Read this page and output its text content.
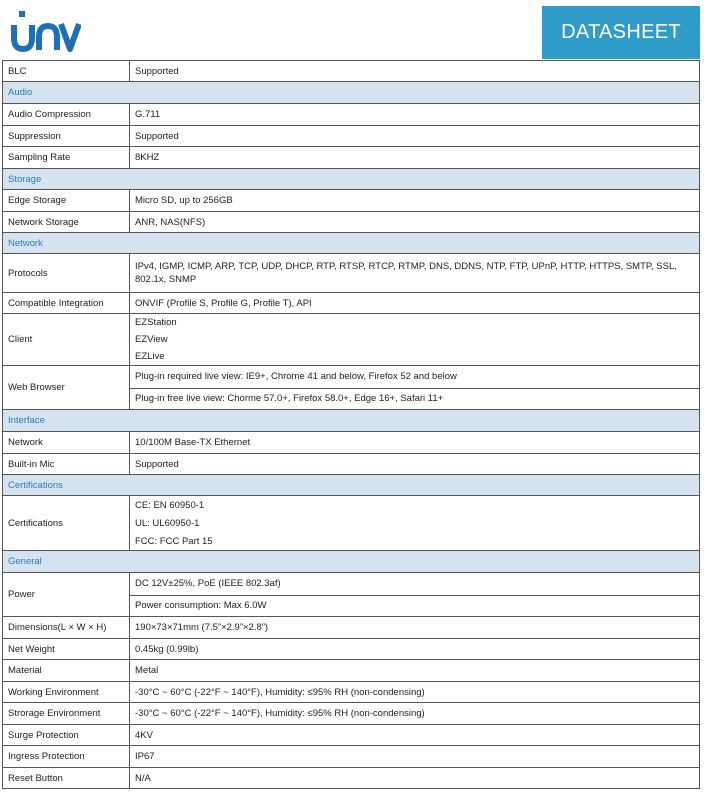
DATASHEET
BLC	Supported
Audio	
Audio Compression	G.711
Suppression	Supported
Sampling Rate	8KHZ
Storage	
Edge Storage	Micro SD, up to 256GB
Network Storage	ANR, NAS(NFS)
Network	
Protocols	IPv4, IGMP, ICMP, ARP, TCP, UDP, DHCP, RTP, RTSP, RTCP, RTMP, DNS, DDNS, NTP, FTP, UPnP, HTTP, HTTPS, SMTP, SSL, 802.1x, SNMP
Compatible Integration	ONVIF (Profile S, Profile G, Profile T), API
Client	EZStation
EZView
EZLive

Web Browser	Plug-in required live view: IE9+, Chrome 41 and below, Firefox 52 and below
Plug-in free live view: Chorme 57.0+, Firefox 58.0+, Edge 16+, Safari 11+

Interface	
Network	10/100M Base-TX Ethernet
Built-in Mic	Supported
Certifications	
Certifications	CE: EN 60950-1
UL: UL60950-1
FCC: FCC Part 15

General	
Power	DC 12V±25%, PoE (IEEE 802.3af)
Power consumption: Max 6.0W

Dimensions(L × W × H)	190×73×71mm (7.5”×2.9”×2.8”)
Net Weight	0.45kg (0.99lb)
Material	Metal
Working Environment	-30°C ~ 60°C (-22°F ~ 140°F), Humidity: ≤95% RH (non-condensing)
Strorage Environment	-30°C ~ 60°C (-22°F ~ 140°F), Humidity: ≤95% RH (non-condensing)
Surge Protection	4KV
Ingress Protection	IP67
Reset Button	N/A
